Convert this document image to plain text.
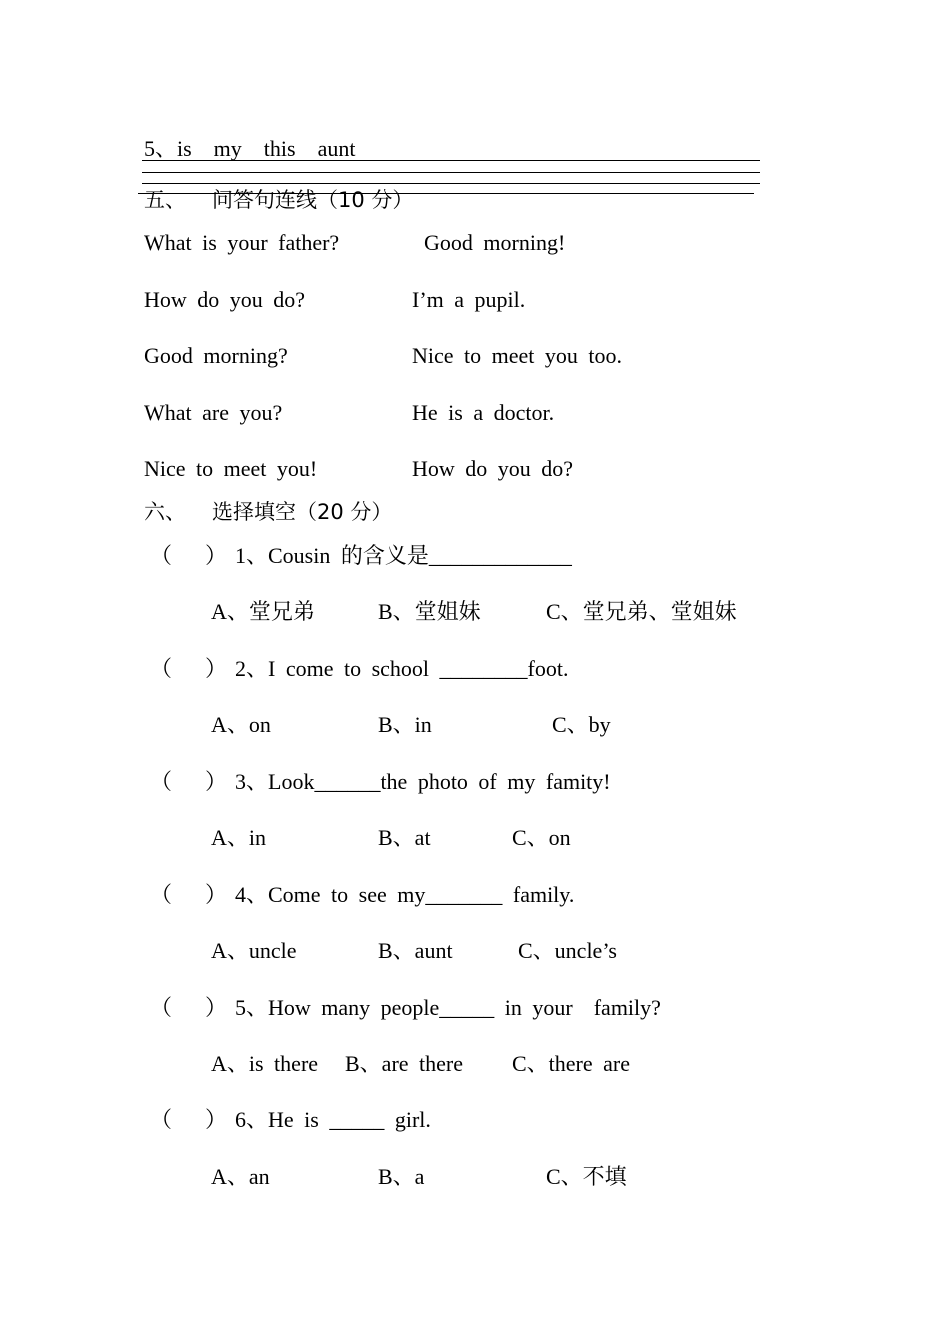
5、is    my    this    aunt
五、 问答句连线（10 分）
What is your father?	Good morning!
How do you do?	I’m a pupil.
Good morning?	Nice to meet you too.
What are you?	He is a doctor.
Nice to meet you!	How do you do?
六、 选择填空（20 分）
（ ） 1、Cousin 的含义是_____________
A、堂兄弟	B、堂姐妹	C、堂兄弟、堂姐妹
（ ） 2、I come to school ________foot.
A、on	B、in	C、by
（ ） 3、Look______the photo of my famity!
A、in	B、at	C、on
（ ） 4、Come to see my_______ family.
A、uncle	B、aunt	C、uncle’s
（ ） 5、How many people_____ in your  family?
A、is there B、are there C、there are
（ ） 6、He is _____ girl.
A、an	B、a	C、不填
